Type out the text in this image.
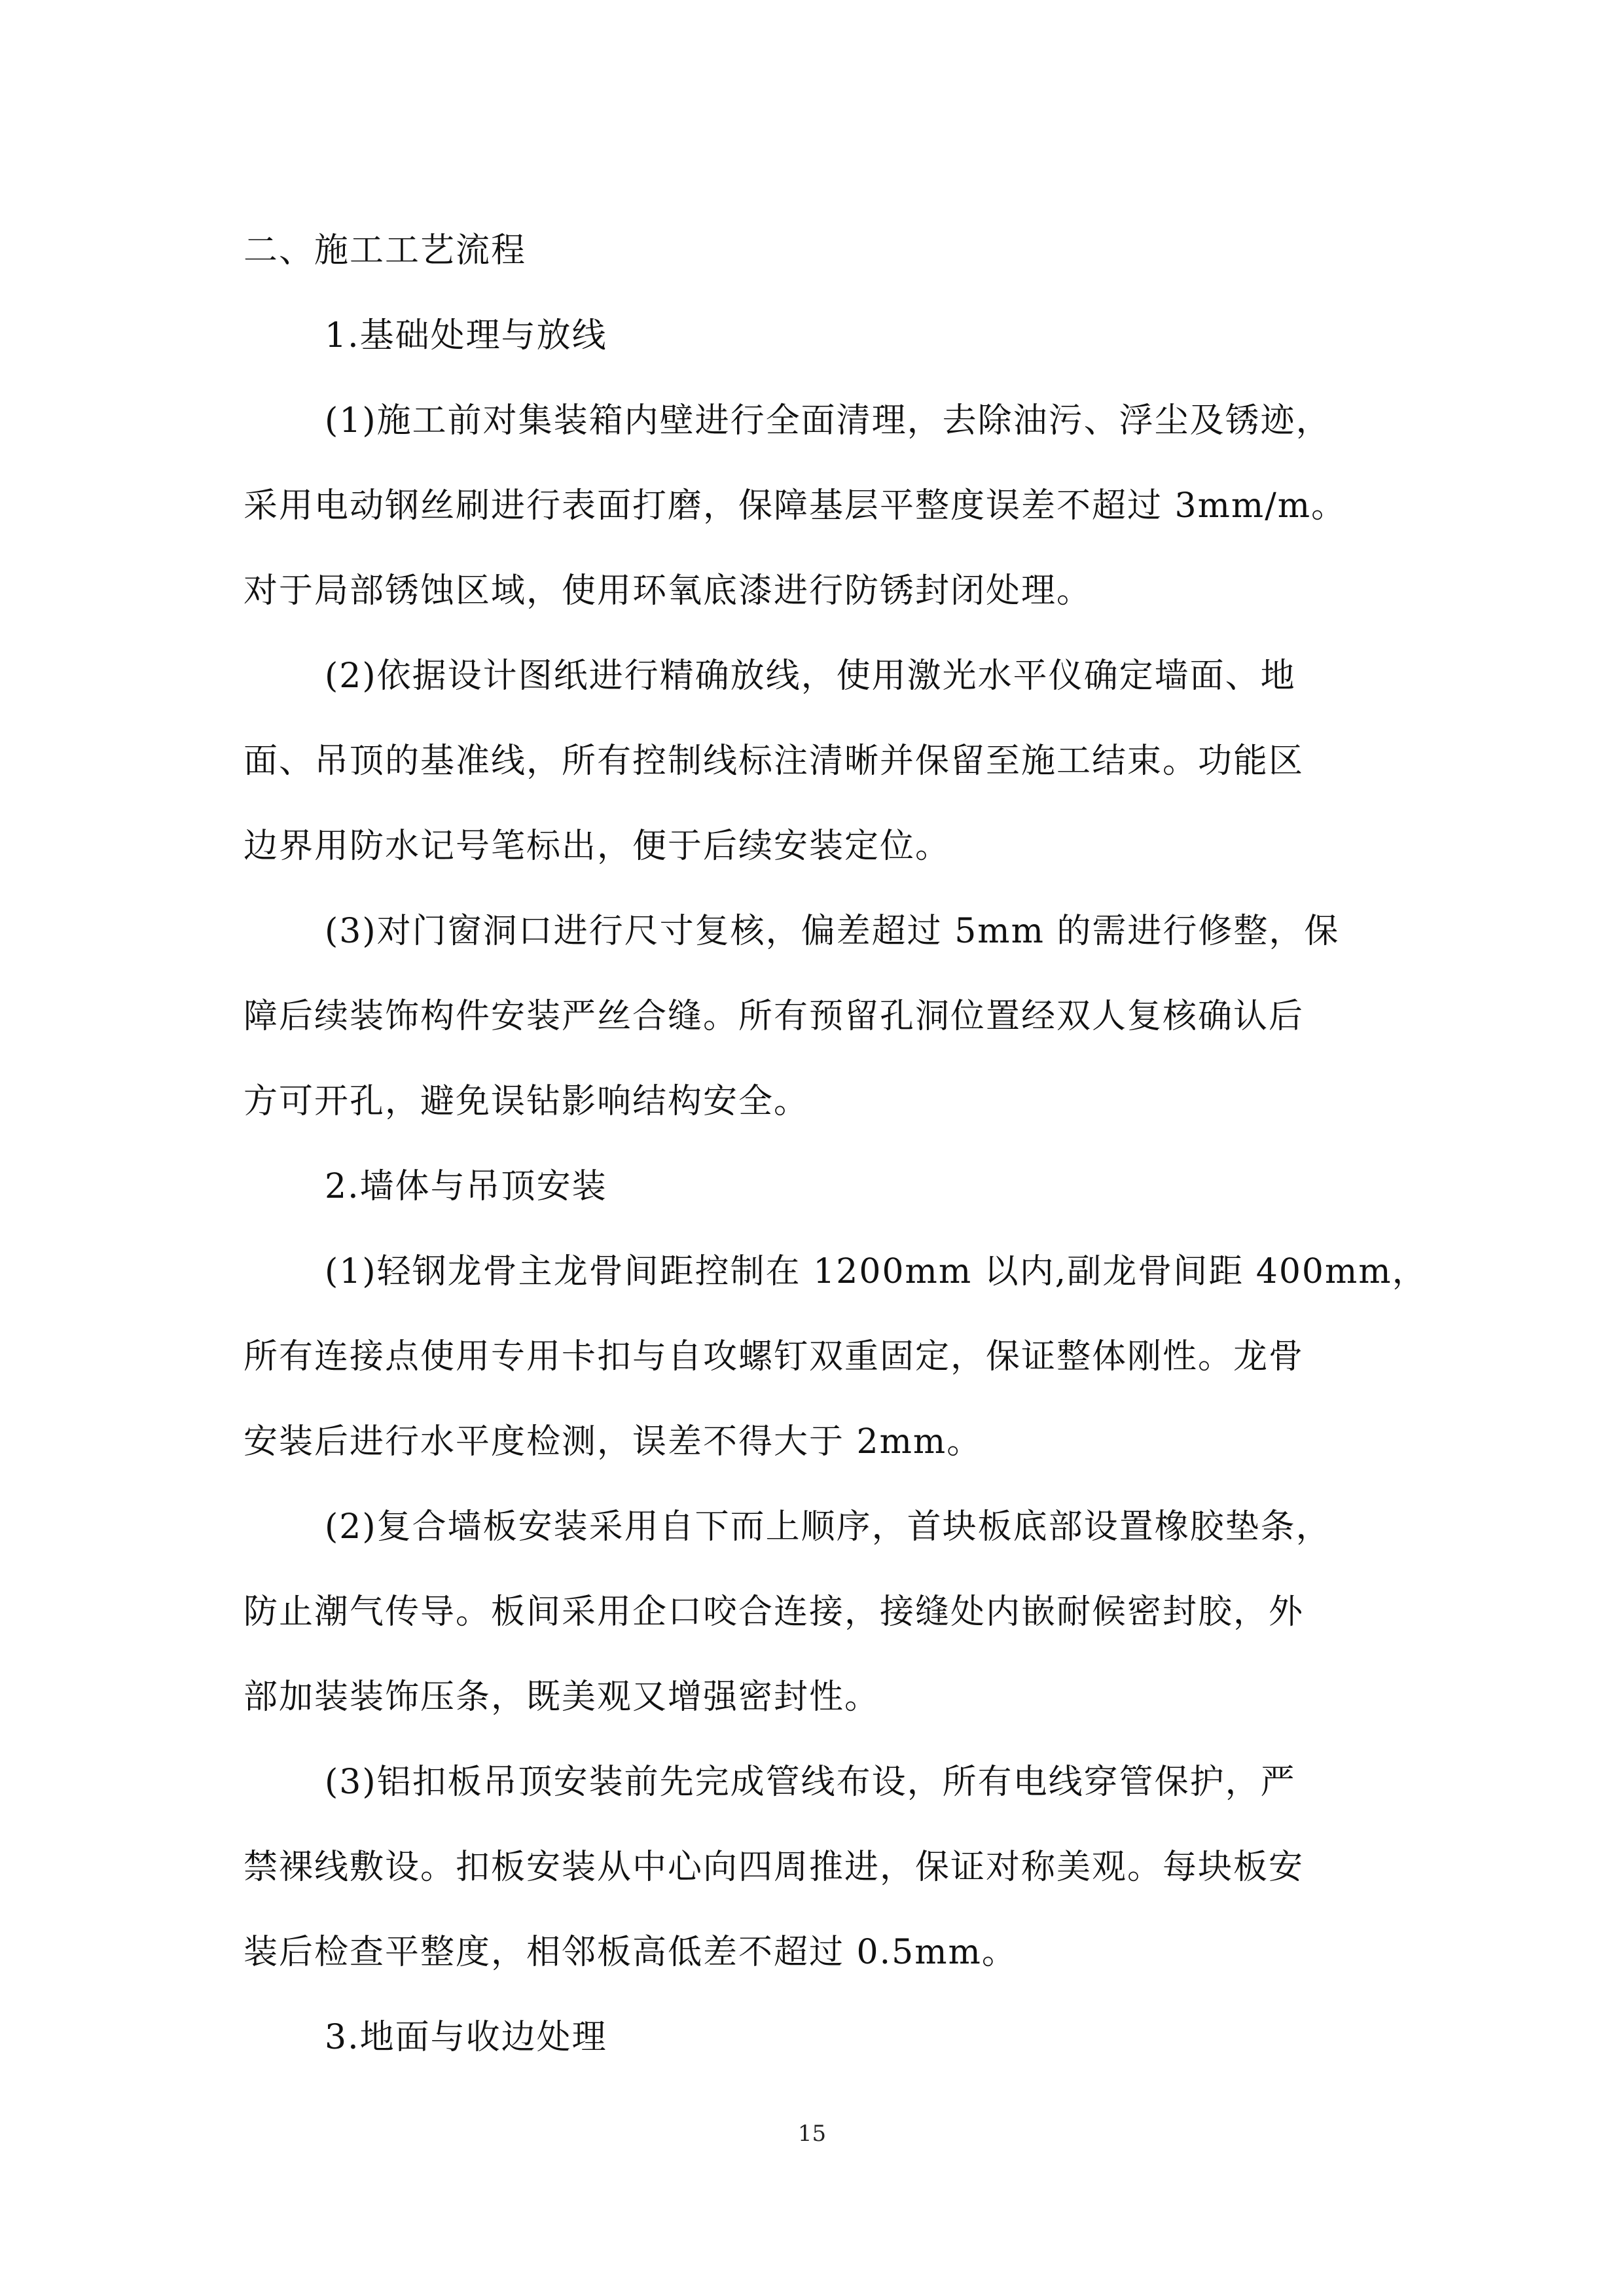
二、施工工艺流程

1.基础处理与放线

(1)施工前对集装箱内壁进行全面清理，去除油污、浮尘及锈迹，

采用电动钢丝刷进行表面打磨，保障基层平整度误差不超过 3mm/m。

对于局部锈蚀区域，使用环氧底漆进行防锈封闭处理。

(2)依据设计图纸进行精确放线，使用激光水平仪确定墙面、地

面、吊顶的基准线，所有控制线标注清晰并保留至施工结束。功能区

边界用防水记号笔标出，便于后续安装定位。

(3)对门窗洞口进行尺寸复核，偏差超过 5mm 的需进行修整，保

障后续装饰构件安装严丝合缝。所有预留孔洞位置经双人复核确认后

方可开孔，避免误钻影响结构安全。

2.墙体与吊顶安装

(1)轻钢龙骨主龙骨间距控制在 1200mm 以内,副龙骨间距 400mm，

所有连接点使用专用卡扣与自攻螺钉双重固定，保证整体刚性。龙骨

安装后进行水平度检测，误差不得大于 2mm。

(2)复合墙板安装采用自下而上顺序，首块板底部设置橡胶垫条，

防止潮气传导。板间采用企口咬合连接，接缝处内嵌耐候密封胶，外

部加装装饰压条，既美观又增强密封性。

(3)铝扣板吊顶安装前先完成管线布设，所有电线穿管保护，严

禁裸线敷设。扣板安装从中心向四周推进，保证对称美观。每块板安

装后检查平整度，相邻板高低差不超过 0.5mm。

3.地面与收边处理

15
